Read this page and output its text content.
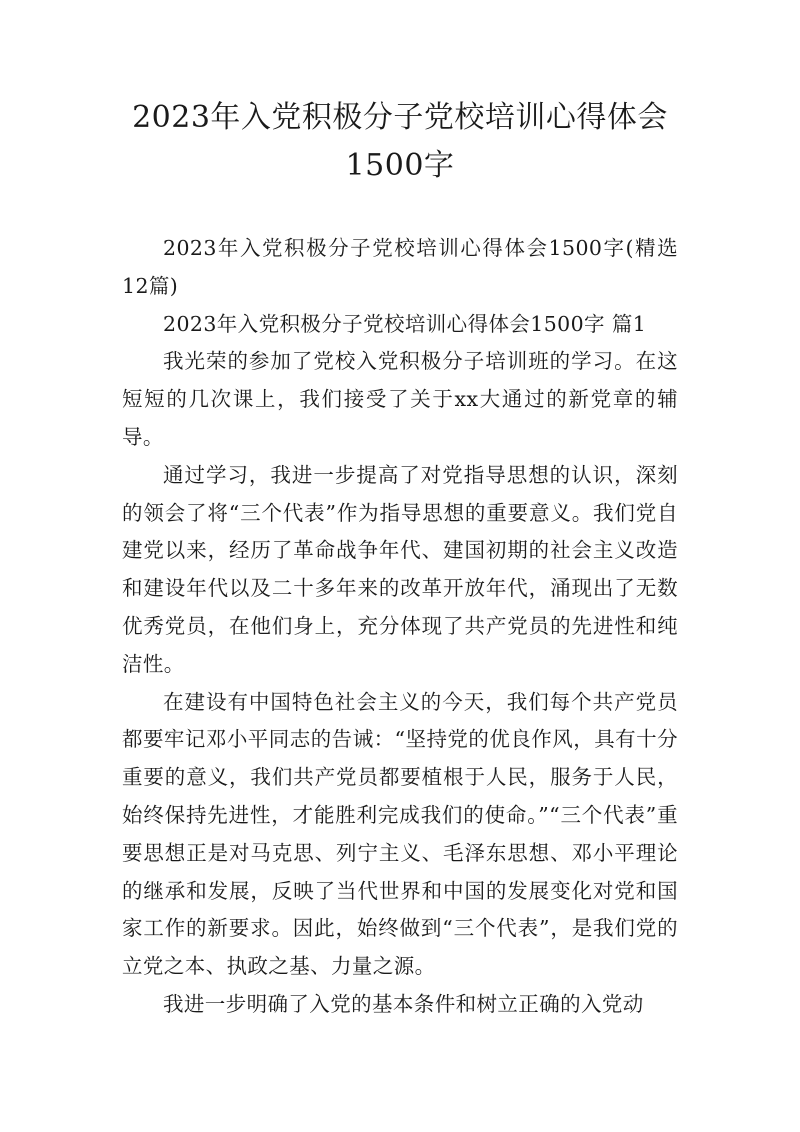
2023年入党积极分子党校培训心得体会
1500字

2023年入党积极分子党校培训心得体会1500字(精选12篇)

2023年入党积极分子党校培训心得体会1500字 篇1

我光荣的参加了党校入党积极分子培训班的学习。在这短短的几次课上，我们接受了关于xx大通过的新党章的辅导。

通过学习，我进一步提高了对党指导思想的认识，深刻的领会了将“三个代表”作为指导思想的重要意义。我们党自建党以来，经历了革命战争年代、建国初期的社会主义改造和建设年代以及二十多年来的改革开放年代，涌现出了无数优秀党员，在他们身上，充分体现了共产党员的先进性和纯洁性。

在建设有中国特色社会主义的今天，我们每个共产党员都要牢记邓小平同志的告诫：“坚持党的优良作风，具有十分重要的意义，我们共产党员都要植根于人民，服务于人民，始终保持先进性，才能胜利完成我们的使命。”“三个代表”重要思想正是对马克思、列宁主义、毛泽东思想、邓小平理论的继承和发展，反映了当代世界和中国的发展变化对党和国家工作的新要求。因此，始终做到“三个代表”，是我们党的立党之本、执政之基、力量之源。

我进一步明确了入党的基本条件和树立正确的入党动
